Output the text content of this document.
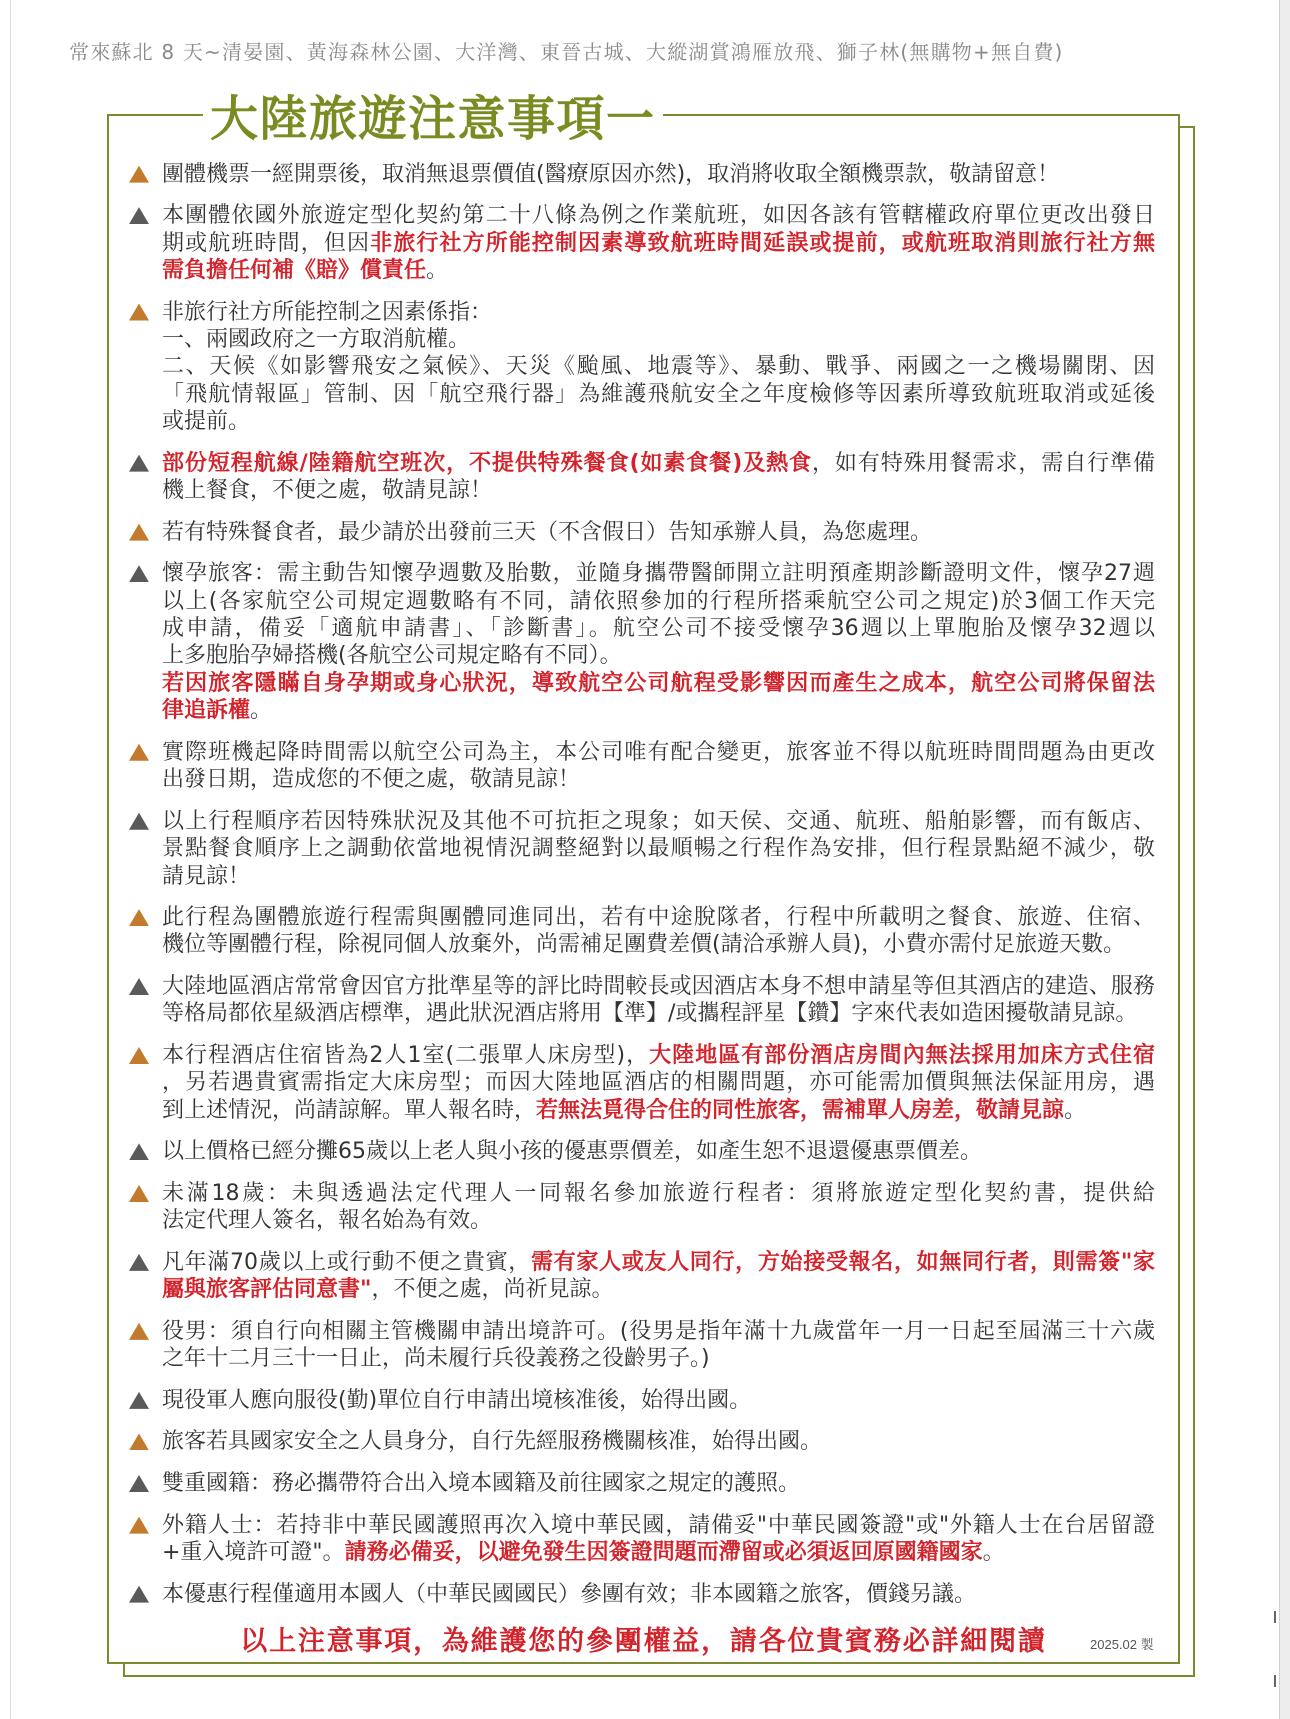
常來蘇北 8 天~清晏園、黃海森林公園、大洋灣、東晉古城、大縱湖賞鴻雁放飛、獅子林(無購物+無自費)
大陸旅遊注意事項一
團體機票一經開票後，取消無退票價值(醫療原因亦然)，取消將收取全額機票款，敬請留意！
本團體依國外旅遊定型化契約第二十八條為例之作業航班，如因各該有管轄權政府單位更改出發日
期或航班時間，但因非旅行社方所能控制因素導致航班時間延誤或提前，或航班取消則旅行社方無
需負擔任何補《賠》償責任。
非旅行社方所能控制之因素係指：
一、兩國政府之一方取消航權。
二、天候《如影響飛安之氣候》、天災《颱風、地震等》、暴動、戰爭、兩國之一之機場關閉、因
「飛航情報區」管制、因「航空飛行器」為維護飛航安全之年度檢修等因素所導致航班取消或延後
或提前。
部份短程航線/陸籍航空班次，不提供特殊餐食(如素食餐)及熱食，如有特殊用餐需求，需自行準備
機上餐食，不便之處，敬請見諒！
若有特殊餐食者，最少請於出發前三天（不含假日）告知承辦人員，為您處理。
懷孕旅客：需主動告知懷孕週數及胎數，並隨身攜帶醫師開立註明預產期診斷證明文件，懷孕27週
以上(各家航空公司規定週數略有不同，請依照參加的行程所搭乘航空公司之規定)於3個工作天完
成申請，備妥「適航申請書」、「診斷書」。航空公司不接受懷孕36週以上單胞胎及懷孕32週以
上多胞胎孕婦搭機(各航空公司規定略有不同）。
若因旅客隱瞞自身孕期或身心狀況，導致航空公司航程受影響因而產生之成本，航空公司將保留法
律追訴權。
實際班機起降時間需以航空公司為主，本公司唯有配合變更，旅客並不得以航班時間問題為由更改
出發日期，造成您的不便之處，敬請見諒！
以上行程順序若因特殊狀況及其他不可抗拒之現象；如天侯、交通、航班、船舶影響，而有飯店、
景點餐食順序上之調動依當地視情況調整絕對以最順暢之行程作為安排，但行程景點絕不減少，敬
請見諒！
此行程為團體旅遊行程需與團體同進同出，若有中途脫隊者，行程中所載明之餐食、旅遊、住宿、
機位等團體行程，除視同個人放棄外，尚需補足團費差價(請洽承辦人員)，小費亦需付足旅遊天數。
大陸地區酒店常常會因官方批準星等的評比時間較長或因酒店本身不想申請星等但其酒店的建造、服務
等格局都依星級酒店標準，遇此狀況酒店將用【準】/或攜程評星【鑽】字來代表如造困擾敬請見諒。
本行程酒店住宿皆為2人1室(二張單人床房型)，大陸地區有部份酒店房間內無法採用加床方式住宿
，另若遇貴賓需指定大床房型；而因大陸地區酒店的相關問題，亦可能需加價與無法保証用房，遇
到上述情況，尚請諒解。單人報名時，若無法覓得合住的同性旅客，需補單人房差，敬請見諒。
以上價格已經分攤65歲以上老人與小孩的優惠票價差，如產生恕不退還優惠票價差。
未滿18歲：未與透過法定代理人一同報名參加旅遊行程者：須將旅遊定型化契約書，提供給
法定代理人簽名，報名始為有效。
凡年滿70歲以上或行動不便之貴賓，需有家人或友人同行，方始接受報名，如無同行者，則需簽"家
屬與旅客評估同意書"，不便之處，尚祈見諒。
役男：須自行向相關主管機關申請出境許可。(役男是指年滿十九歲當年一月一日起至屆滿三十六歲
之年十二月三十一日止，尚未履行兵役義務之役齡男子。)
現役軍人應向服役(勤)單位自行申請出境核准後，始得出國。
旅客若具國家安全之人員身分，自行先經服務機關核准，始得出國。
雙重國籍：務必攜帶符合出入境本國籍及前往國家之規定的護照。
外籍人士：若持非中華民國護照再次入境中華民國，請備妥"中華民國簽證"或"外籍人士在台居留證
+重入境許可證"。請務必備妥，以避免發生因簽證問題而滯留或必須返回原國籍國家。
本優惠行程僅適用本國人（中華民國國民）參團有效；非本國籍之旅客，價錢另議。
以上注意事項，為維護您的參團權益，請各位貴賓務必詳細閱讀	2025.02 製
